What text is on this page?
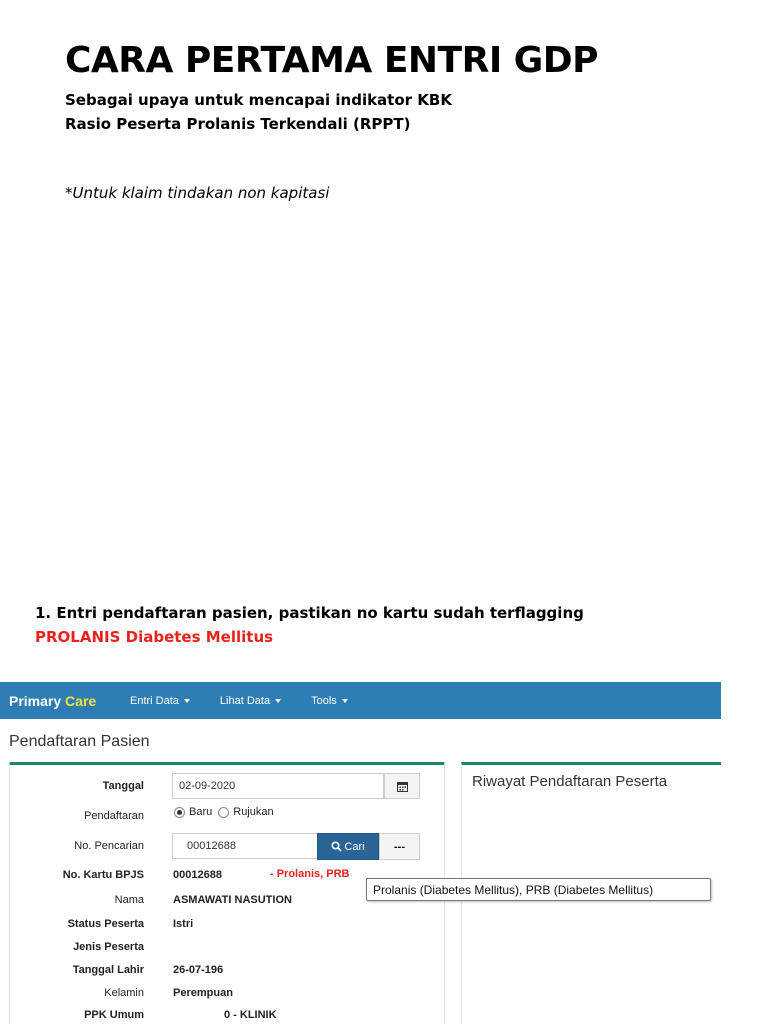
CARA PERTAMA ENTRI GDP
Sebagai upaya untuk mencapai indikator KBK
Rasio Peserta Prolanis Terkendali (RPPT)
*Untuk klaim tindakan non kapitasi
1. Entri pendaftaran pasien, pastikan no kartu sudah terflagging
PROLANIS Diabetes Mellitus
Primary Care	Entri Data	Lihat Data	Tools
Pendaftaran Pasien
Riwayat Pendaftaran Peserta
Tanggal	02-09-2020
Pendaftaran	Baru Rujukan
No. Pencarian	00012688	Cari	---
No. Kartu BPJS	00012688	- Prolanis, PRB
Nama	ASMAWATI NASUTION
Status Peserta	Istri
Jenis Peserta
Tanggal Lahir	26-07-196
Kelamin	Perempuan
PPK Umum	0 - KLINIK
Prolanis (Diabetes Mellitus), PRB (Diabetes Mellitus)
